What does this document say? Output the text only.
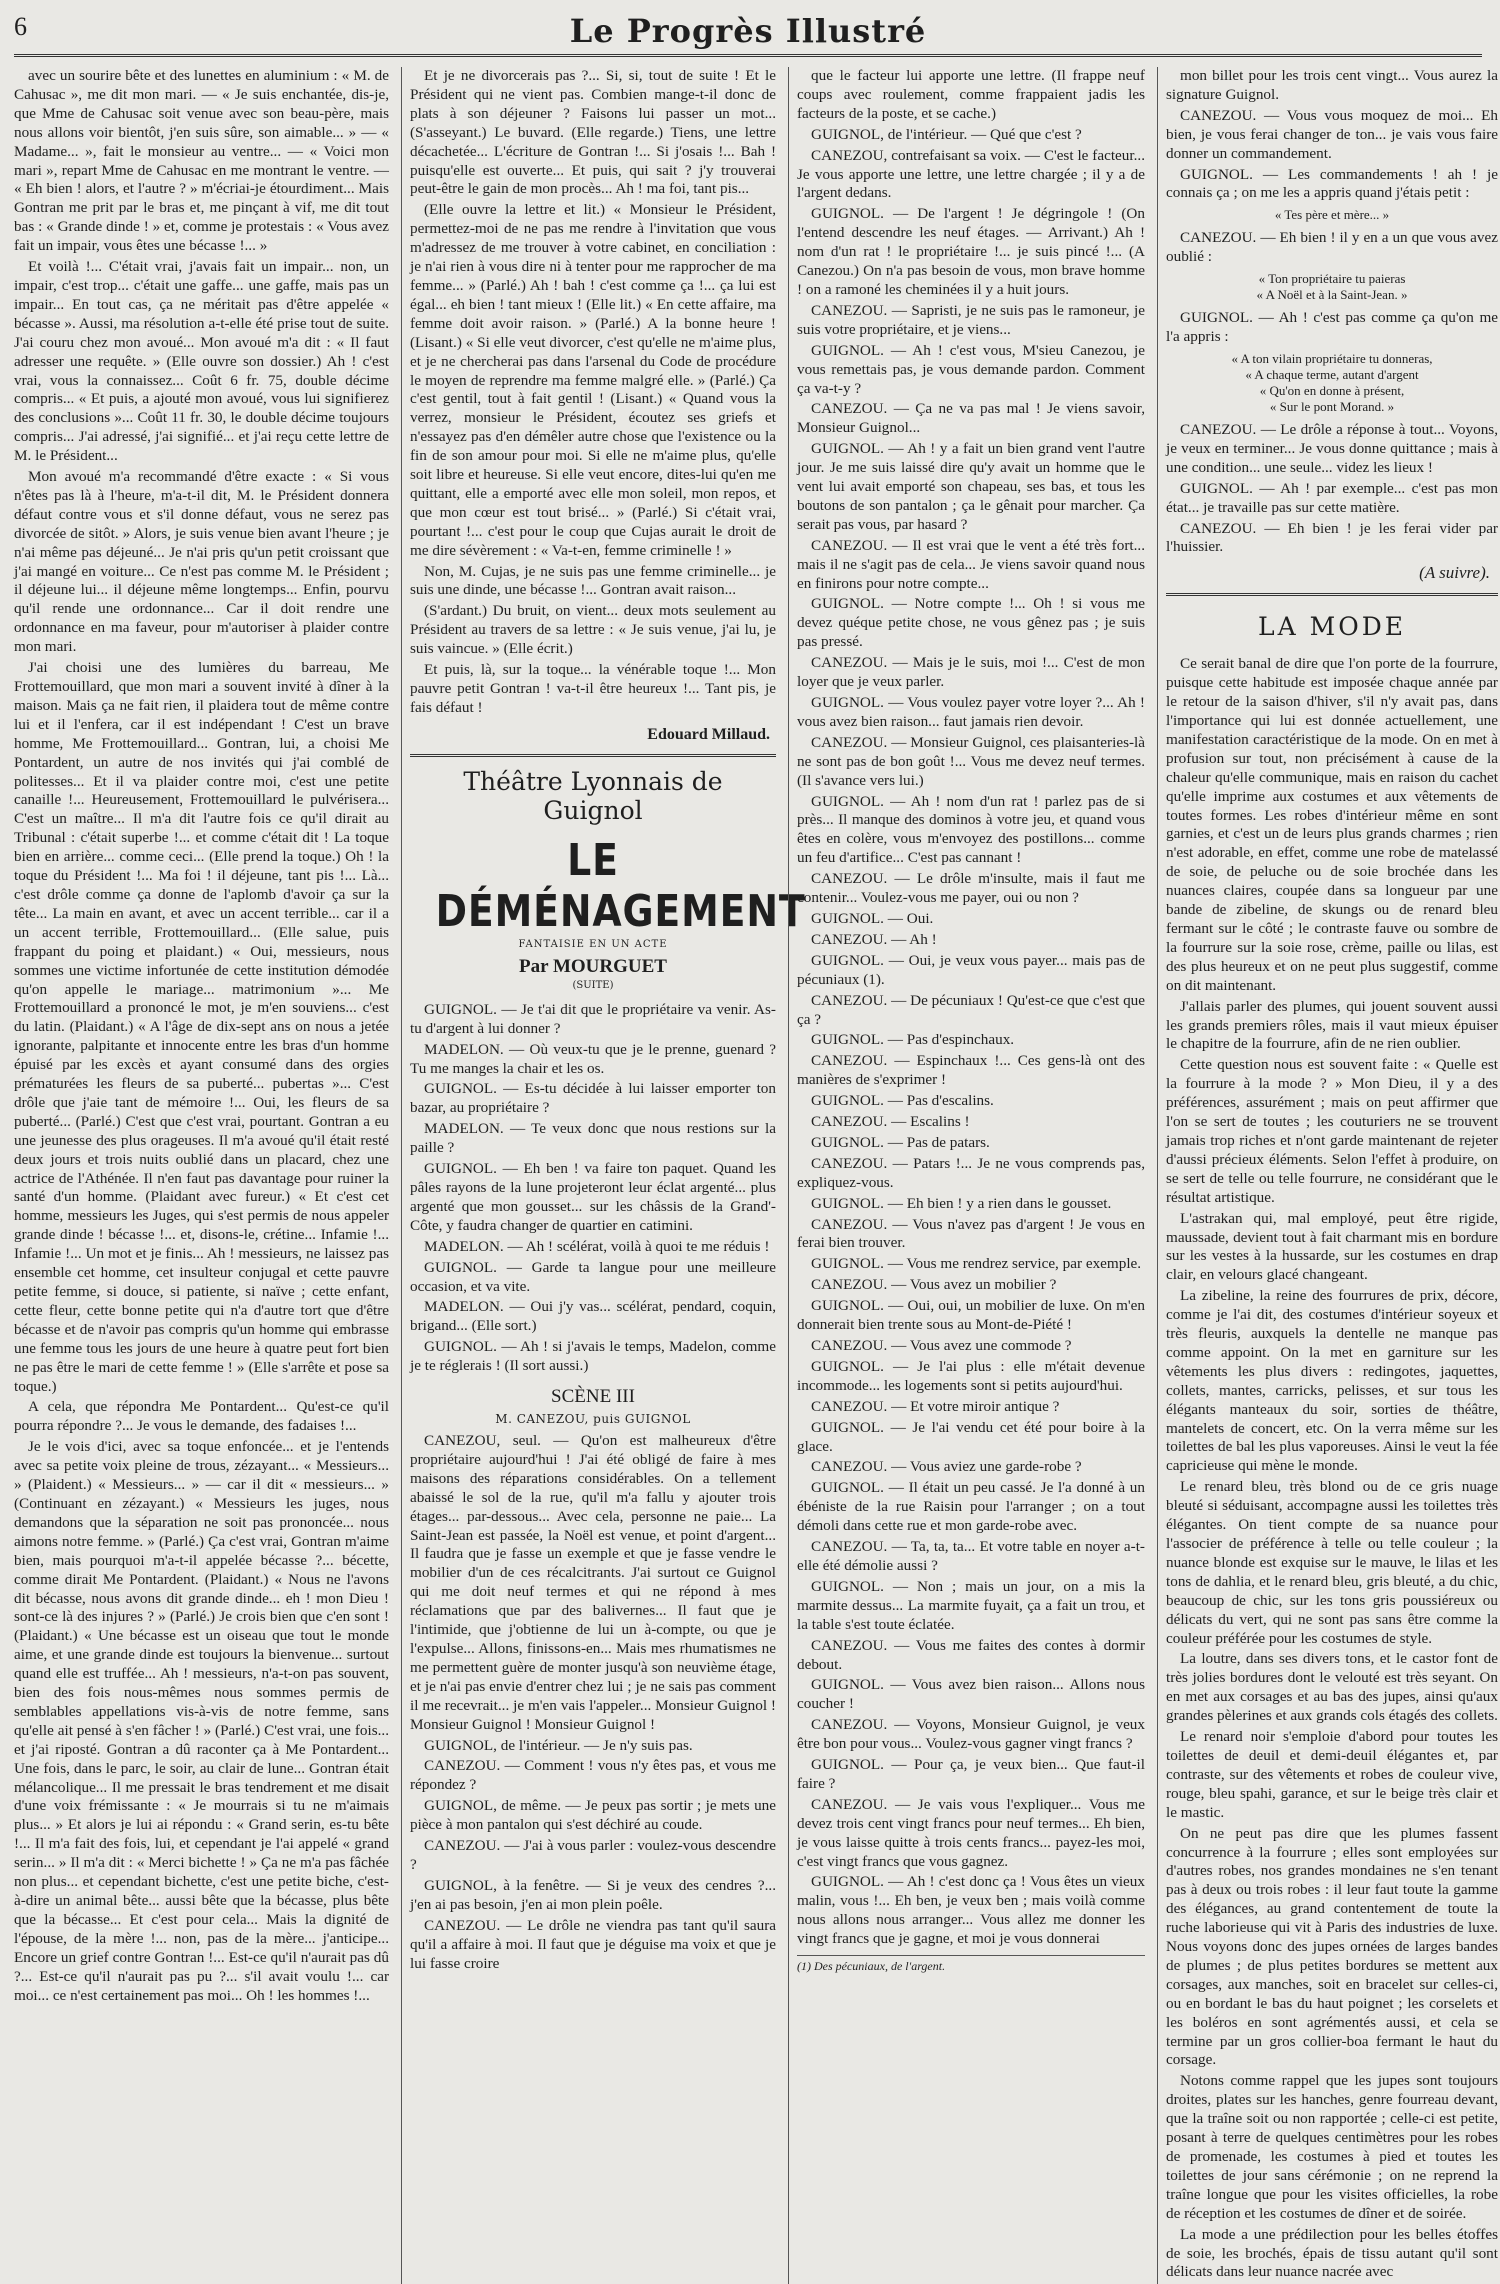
6	Le Progrès Illustré

avec un sourire bête et des lunettes en aluminium : « M. de Cahusac », me dit mon mari. — « Je suis enchantée, dis-je, que Mme de Cahusac soit venue avec son beau-père, mais nous allons voir bientôt, j'en suis sûre, son aimable... » — « Madame... », fait le monsieur au ventre... — « Voici mon mari », repart Mme de Cahusac en me montrant le ventre. — « Eh bien ! alors, et l'autre ? » m'écriai-je étourdiment... Mais Gontran me prit par le bras et, me pinçant à vif, me dit tout bas : « Grande dinde ! » et, comme je protestais : « Vous avez fait un impair, vous êtes une bécasse !... »

Et voilà !... C'était vrai, j'avais fait un impair... non, un impair, c'est trop... c'était une gaffe... une gaffe, mais pas un impair... En tout cas, ça ne méritait pas d'être appelée « bécasse ». Aussi, ma résolution a-t-elle été prise tout de suite. J'ai couru chez mon avoué... Mon avoué m'a dit : « Il faut adresser une requête. » (Elle ouvre son dossier.) Ah ! c'est vrai, vous la connaissez... Coût 6 fr. 75, double décime compris... « Et puis, a ajouté mon avoué, vous lui signifierez des conclusions »... Coût 11 fr. 30, le double décime toujours compris... J'ai adressé, j'ai signifié... et j'ai reçu cette lettre de M. le Président...

Mon avoué m'a recommandé d'être exacte : « Si vous n'êtes pas là à l'heure, m'a-t-il dit, M. le Président donnera défaut contre vous et s'il donne défaut, vous ne serez pas divorcée de sitôt. » Alors, je suis venue bien avant l'heure ; je n'ai même pas déjeuné... Je n'ai pris qu'un petit croissant que j'ai mangé en voiture... Ce n'est pas comme M. le Président ; il déjeune lui... il déjeune même longtemps... Enfin, pourvu qu'il rende une ordonnance... Car il doit rendre une ordonnance en ma faveur, pour m'autoriser à plaider contre mon mari.

J'ai choisi une des lumières du barreau, Me Frottemouillard, que mon mari a souvent invité à dîner à la maison. Mais ça ne fait rien, il plaidera tout de même contre lui et il l'enfera, car il est indépendant ! C'est un brave homme, Me Frottemouillard... Gontran, lui, a choisi Me Pontardent, un autre de nos invités qui j'ai comblé de politesses... Et il va plaider contre moi, c'est une petite canaille !... Heureusement, Frottemouillard le pulvérisera... C'est un maître... Il m'a dit l'autre fois ce qu'il dirait au Tribunal : c'était superbe !... et comme c'était dit ! La toque bien en arrière... comme ceci... (Elle prend la toque.) Oh ! la toque du Président !... Ma foi ! il déjeune, tant pis !... Là... c'est drôle comme ça donne de l'aplomb d'avoir ça sur la tête... La main en avant, et avec un accent terrible... car il a un accent terrible, Frottemouillard... (Elle salue, puis frappant du poing et plaidant.) « Oui, messieurs, nous sommes une victime infortunée de cette institution démodée qu'on appelle le mariage... matrimonium »... Me Frottemouillard a prononcé le mot, je m'en souviens... c'est du latin. (Plaidant.) « A l'âge de dix-sept ans on nous a jetée ignorante, palpitante et innocente entre les bras d'un homme épuisé par les excès et ayant consumé dans des orgies prématurées les fleurs de sa puberté... pubertas »... C'est drôle que j'aie tant de mémoire !... Oui, les fleurs de sa puberté... (Parlé.) C'est que c'est vrai, pourtant. Gontran a eu une jeunesse des plus orageuses. Il m'a avoué qu'il était resté deux jours et trois nuits oublié dans un placard, chez une actrice de l'Athénée. Il n'en faut pas davantage pour ruiner la santé d'un homme. (Plaidant avec fureur.) « Et c'est cet homme, messieurs les Juges, qui s'est permis de nous appeler grande dinde ! bécasse !... et, disons-le, crétine... Infamie !... Infamie !... Un mot et je finis... Ah ! messieurs, ne laissez pas ensemble cet homme, cet insulteur conjugal et cette pauvre petite femme, si douce, si patiente, si naïve ; cette enfant, cette fleur, cette bonne petite qui n'a d'autre tort que d'être bécasse et de n'avoir pas compris qu'un homme qui embrasse une femme tous les jours de une heure à quatre peut fort bien ne pas être le mari de cette femme ! » (Elle s'arrête et pose sa toque.)

A cela, que répondra Me Pontardent... Qu'est-ce qu'il pourra répondre ?... Je vous le demande, des fadaises !...

Je le vois d'ici, avec sa toque enfoncée... et je l'entends avec sa petite voix pleine de trous, zézayant... « Messieurs... » (Plaident.) « Messieurs... » — car il dit « messieurs... » (Continuant en zézayant.) « Messieurs les juges, nous demandons que la séparation ne soit pas prononcée... nous aimons notre femme. » (Parlé.) Ça c'est vrai, Gontran m'aime bien, mais pourquoi m'a-t-il appelée bécasse ?... bécette, comme dirait Me Pontardent. (Plaidant.) « Nous ne l'avons dit bécasse, nous avons dit grande dinde... eh ! mon Dieu ! sont-ce là des injures ? » (Parlé.) Je crois bien que c'en sont ! (Plaidant.) « Une bécasse est un oiseau que tout le monde aime, et une grande dinde est toujours la bienvenue... surtout quand elle est truffée... Ah ! messieurs, n'a-t-on pas souvent, bien des fois nous-mêmes nous sommes permis de semblables appellations vis-à-vis de notre femme, sans qu'elle ait pensé à s'en fâcher ! » (Parlé.) C'est vrai, une fois... et j'ai riposté. Gontran a dû raconter ça à Me Pontardent... Une fois, dans le parc, le soir, au clair de lune... Gontran était mélancolique... Il me pressait le bras tendrement et me disait d'une voix frémissante : « Je mourrais si tu ne m'aimais plus... » Et alors je lui ai répondu : « Grand serin, es-tu bête !... Il m'a fait des fois, lui, et cependant je l'ai appelé « grand serin... » Il m'a dit : « Merci bichette ! » Ça ne m'a pas fâchée non plus... et cependant bichette, c'est une petite biche, c'est-à-dire un animal bête... aussi bête que la bécasse, plus bête que la bécasse... Et c'est pour cela... Mais la dignité de l'épouse, de la mère !... non, pas de la mère... j'anticipe... Encore un grief contre Gontran !... Est-ce qu'il n'aurait pas dû ?... Est-ce qu'il n'aurait pas pu ?... s'il avait voulu !... car moi... ce n'est certainement pas moi... Oh ! les hommes !...

Et je ne divorcerais pas ?... Si, si, tout de suite ! Et le Président qui ne vient pas. Combien mange-t-il donc de plats à son déjeuner ? Faisons lui passer un mot... (S'asseyant.) Le buvard. (Elle regarde.) Tiens, une lettre décachetée... L'écriture de Gontran !... Si j'osais !... Bah ! puisqu'elle est ouverte... Et puis, qui sait ? j'y trouverai peut-être le gain de mon procès... Ah ! ma foi, tant pis...

(Elle ouvre la lettre et lit.) « Monsieur le Président, permettez-moi de ne pas me rendre à l'invitation que vous m'adressez de me trouver à votre cabinet, en conciliation : je n'ai rien à vous dire ni à tenter pour me rapprocher de ma femme... » (Parlé.) Ah ! bah ! c'est comme ça !... ça lui est égal... eh bien ! tant mieux ! (Elle lit.) « En cette affaire, ma femme doit avoir raison. » (Parlé.) A la bonne heure ! (Lisant.) « Si elle veut divorcer, c'est qu'elle ne m'aime plus, et je ne chercherai pas dans l'arsenal du Code de procédure le moyen de reprendre ma femme malgré elle. » (Parlé.) Ça c'est gentil, tout à fait gentil ! (Lisant.) « Quand vous la verrez, monsieur le Président, écoutez ses griefs et n'essayez pas d'en démêler autre chose que l'existence ou la fin de son amour pour moi. Si elle ne m'aime plus, qu'elle soit libre et heureuse. Si elle veut encore, dites-lui qu'en me quittant, elle a emporté avec elle mon soleil, mon repos, et que mon cœur est tout brisé... » (Parlé.) Si c'était vrai, pourtant !... c'est pour le coup que Cujas aurait le droit de me dire sévèrement : « Va-t-en, femme criminelle ! »

Non, M. Cujas, je ne suis pas une femme criminelle... je suis une dinde, une bécasse !... Gontran avait raison...

(S'ardant.) Du bruit, on vient... deux mots seulement au Président au travers de sa lettre : « Je suis venue, j'ai lu, je suis vaincue. » (Elle écrit.)

Et puis, là, sur la toque... la vénérable toque !... Mon pauvre petit Gontran ! va-t-il être heureux !... Tant pis, je fais défaut !

Edouard Millaud.
Théâtre Lyonnais de Guignol
LE DÉMÉNAGEMENT
FANTAISIE EN UN ACTE
Par MOURGUET
(SUITE)

GUIGNOL. — Je t'ai dit que le propriétaire va venir. As-tu d'argent à lui donner ?

MADELON. — Où veux-tu que je le prenne, guenard ? Tu me manges la chair et les os.

GUIGNOL. — Es-tu décidée à lui laisser emporter ton bazar, au propriétaire ?

MADELON. — Te veux donc que nous restions sur la paille ?

GUIGNOL. — Eh ben ! va faire ton paquet. Quand les pâles rayons de la lune projeteront leur éclat argenté... plus argenté que mon gousset... sur les châssis de la Grand'-Côte, y faudra changer de quartier en catimini.

MADELON. — Ah ! scélérat, voilà à quoi te me réduis !

GUIGNOL. — Garde ta langue pour une meilleure occasion, et va vite.

MADELON. — Oui j'y vas... scélérat, pendard, coquin, brigand... (Elle sort.)

GUIGNOL. — Ah ! si j'avais le temps, Madelon, comme je te réglerais ! (Il sort aussi.)

SCÈNE III
M. CANEZOU, puis GUIGNOL

CANEZOU, seul. — Qu'on est malheureux d'être propriétaire aujourd'hui ! J'ai été obligé de faire à mes maisons des réparations considérables. On a tellement abaissé le sol de la rue, qu'il m'a fallu y ajouter trois étages... par-dessous... Avec cela, personne ne paie... La Saint-Jean est passée, la Noël est venue, et point d'argent... Il faudra que je fasse un exemple et que je fasse vendre le mobilier d'un de ces récalcitrants. J'ai surtout ce Guignol qui me doit neuf termes et qui ne répond à mes réclamations que par des balivernes... Il faut que je l'intimide, que j'obtienne de lui un à-compte, ou que je l'expulse... Allons, finissons-en... Mais mes rhumatismes ne me permettent guère de monter jusqu'à son neuvième étage, et je n'ai pas envie d'entrer chez lui ; je ne sais pas comment il me recevrait... je m'en vais l'appeler... Monsieur Guignol ! Monsieur Guignol ! Monsieur Guignol !

GUIGNOL, de l'intérieur. — Je n'y suis pas.

CANEZOU. — Comment ! vous n'y êtes pas, et vous me répondez ?

GUIGNOL, de même. — Je peux pas sortir ; je mets une pièce à mon pantalon qui s'est déchiré au coude.

CANEZOU. — J'ai à vous parler : voulez-vous descendre ?

GUIGNOL, à la fenêtre. — Si je veux des cendres ?... j'en ai pas besoin, j'en ai mon plein poêle.

CANEZOU. — Le drôle ne viendra pas tant qu'il saura qu'il a affaire à moi. Il faut que je déguise ma voix et que je lui fasse croire

que le facteur lui apporte une lettre. (Il frappe neuf coups avec roulement, comme frappaient jadis les facteurs de la poste, et se cache.)

GUIGNOL, de l'intérieur. — Qué que c'est ?

CANEZOU, contrefaisant sa voix. — C'est le facteur... Je vous apporte une lettre, une lettre chargée ; il y a de l'argent dedans.

GUIGNOL. — De l'argent ! Je dégringole ! (On l'entend descendre les neuf étages. — Arrivant.) Ah ! nom d'un rat ! le propriétaire !... je suis pincé !... (A Canezou.) On n'a pas besoin de vous, mon brave homme ! on a ramoné les cheminées il y a huit jours.

CANEZOU. — Sapristi, je ne suis pas le ramoneur, je suis votre propriétaire, et je viens...

GUIGNOL. — Ah ! c'est vous, M'sieu Canezou, je vous remettais pas, je vous demande pardon. Comment ça va-t-y ?

CANEZOU. — Ça ne va pas mal ! Je viens savoir, Monsieur Guignol...

GUIGNOL. — Ah ! y a fait un bien grand vent l'autre jour. Je me suis laissé dire qu'y avait un homme que le vent lui avait emporté son chapeau, ses bas, et tous les boutons de son pantalon ; ça le gênait pour marcher. Ça serait pas vous, par hasard ?

CANEZOU. — Il est vrai que le vent a été très fort... mais il ne s'agit pas de cela... Je viens savoir quand nous en finirons pour notre compte...

GUIGNOL. — Notre compte !... Oh ! si vous me devez quéque petite chose, ne vous gênez pas ; je suis pas pressé.

CANEZOU. — Mais je le suis, moi !... C'est de mon loyer que je veux parler.

GUIGNOL. — Vous voulez payer votre loyer ?... Ah ! vous avez bien raison... faut jamais rien devoir.

CANEZOU. — Monsieur Guignol, ces plaisanteries-là ne sont pas de bon goût !... Vous me devez neuf termes. (Il s'avance vers lui.)

GUIGNOL. — Ah ! nom d'un rat ! parlez pas de si près... Il manque des dominos à votre jeu, et quand vous êtes en colère, vous m'envoyez des postillons... comme un feu d'artifice... C'est pas cannant !

CANEZOU. — Le drôle m'insulte, mais il faut me contenir... Voulez-vous me payer, oui ou non ?

GUIGNOL. — Oui.

CANEZOU. — Ah !

GUIGNOL. — Oui, je veux vous payer... mais pas de pécuniaux (1).

CANEZOU. — De pécuniaux ! Qu'est-ce que c'est que ça ?

GUIGNOL. — Pas d'espinchaux.

CANEZOU. — Espinchaux !... Ces gens-là ont des manières de s'exprimer !

GUIGNOL. — Pas d'escalins.

CANEZOU. — Escalins !

GUIGNOL. — Pas de patars.

CANEZOU. — Patars !... Je ne vous comprends pas, expliquez-vous.

GUIGNOL. — Eh bien ! y a rien dans le gousset.

CANEZOU. — Vous n'avez pas d'argent ! Je vous en ferai bien trouver.

GUIGNOL. — Vous me rendrez service, par exemple.

CANEZOU. — Vous avez un mobilier ?

GUIGNOL. — Oui, oui, un mobilier de luxe. On m'en donnerait bien trente sous au Mont-de-Piété !

CANEZOU. — Vous avez une commode ?

GUIGNOL. — Je l'ai plus : elle m'était devenue incommode... les logements sont si petits aujourd'hui.

CANEZOU. — Et votre miroir antique ?

GUIGNOL. — Je l'ai vendu cet été pour boire à la glace.

CANEZOU. — Vous aviez une garde-robe ?

GUIGNOL. — Il était un peu cassé. Je l'a donné à un ébéniste de la rue Raisin pour l'arranger ; on a tout démoli dans cette rue et mon garde-robe avec.

CANEZOU. — Ta, ta, ta... Et votre table en noyer a-t-elle été démolie aussi ?

GUIGNOL. — Non ; mais un jour, on a mis la marmite dessus... La marmite fuyait, ça a fait un trou, et la table s'est toute éclatée.

CANEZOU. — Vous me faites des contes à dormir debout.

GUIGNOL. — Vous avez bien raison... Allons nous coucher !

CANEZOU. — Voyons, Monsieur Guignol, je veux être bon pour vous... Voulez-vous gagner vingt francs ?

GUIGNOL. — Pour ça, je veux bien... Que faut-il faire ?

CANEZOU. — Je vais vous l'expliquer... Vous me devez trois cent vingt francs pour neuf termes... Eh bien, je vous laisse quitte à trois cents francs... payez-les moi, c'est vingt francs que vous gagnez.

GUIGNOL. — Ah ! c'est donc ça ! Vous êtes un vieux malin, vous !... Eh ben, je veux ben ; mais voilà comme nous allons nous arranger... Vous allez me donner les vingt francs que je gagne, et moi je vous donnerai

(1) Des pécuniaux, de l'argent.

mon billet pour les trois cent vingt... Vous aurez la signature Guignol.

CANEZOU. — Vous vous moquez de moi... Eh bien, je vous ferai changer de ton... je vais vous faire donner un commandement.

GUIGNOL. — Les commandements ! ah ! je connais ça ; on me les a appris quand j'étais petit :

« Tes père et mère... »

CANEZOU. — Eh bien ! il y en a un que vous avez oublié :

« Ton propriétaire tu paieras
« A Noël et à la Saint-Jean. »

GUIGNOL. — Ah ! c'est pas comme ça qu'on me l'a appris :

« A ton vilain propriétaire tu donneras,
« A chaque terme, autant d'argent
« Qu'on en donne à présent,
« Sur le pont Morand. »

CANEZOU. — Le drôle a réponse à tout... Voyons, je veux en terminer... Je vous donne quittance ; mais à une condition... une seule... videz les lieux !

GUIGNOL. — Ah ! par exemple... c'est pas mon état... je travaille pas sur cette matière.

CANEZOU. — Eh bien ! je les ferai vider par l'huissier.

(A suivre).
LA MODE

Ce serait banal de dire que l'on porte de la fourrure, puisque cette habitude est imposée chaque année par le retour de la saison d'hiver, s'il n'y avait pas, dans l'importance qui lui est donnée actuellement, une manifestation caractéristique de la mode. On en met à profusion sur tout, non précisément à cause de la chaleur qu'elle communique, mais en raison du cachet qu'elle imprime aux costumes et aux vêtements de toutes formes. Les robes d'intérieur même en sont garnies, et c'est un de leurs plus grands charmes ; rien n'est adorable, en effet, comme une robe de matelassé de soie, de peluche ou de soie brochée dans les nuances claires, coupée dans sa longueur par une bande de zibeline, de skungs ou de renard bleu fermant sur le côté ; le contraste fauve ou sombre de la fourrure sur la soie rose, crème, paille ou lilas, est des plus heureux et on ne peut plus suggestif, comme on dit maintenant.

J'allais parler des plumes, qui jouent souvent aussi les grands premiers rôles, mais il vaut mieux épuiser le chapitre de la fourrure, afin de ne rien oublier.

Cette question nous est souvent faite : « Quelle est la fourrure à la mode ? » Mon Dieu, il y a des préférences, assurément ; mais on peut affirmer que l'on se sert de toutes ; les couturiers ne se trouvent jamais trop riches et n'ont garde maintenant de rejeter d'aussi précieux éléments. Selon l'effet à produire, on se sert de telle ou telle fourrure, ne considérant que le résultat artistique.

L'astrakan qui, mal employé, peut être rigide, maussade, devient tout à fait charmant mis en bordure sur les vestes à la hussarde, sur les costumes en drap clair, en velours glacé changeant.

La zibeline, la reine des fourrures de prix, décore, comme je l'ai dit, des costumes d'intérieur soyeux et très fleuris, auxquels la dentelle ne manque pas comme appoint. On la met en garniture sur les vêtements les plus divers : redingotes, jaquettes, collets, mantes, carricks, pelisses, et sur tous les élégants manteaux du soir, sorties de théâtre, mantelets de concert, etc. On la verra même sur les toilettes de bal les plus vaporeuses. Ainsi le veut la fée capricieuse qui mène le monde.

Le renard bleu, très blond ou de ce gris nuage bleuté si séduisant, accompagne aussi les toilettes très élégantes. On tient compte de sa nuance pour l'associer de préférence à telle ou telle couleur ; la nuance blonde est exquise sur le mauve, le lilas et les tons de dahlia, et le renard bleu, gris bleuté, a du chic, beaucoup de chic, sur les tons gris poussiéreux ou délicats du vert, qui ne sont pas sans être comme la couleur préférée pour les costumes de style.

La loutre, dans ses divers tons, et le castor font de très jolies bordures dont le velouté est très seyant. On en met aux corsages et au bas des jupes, ainsi qu'aux grandes pèlerines et aux grands cols étagés des collets.

Le renard noir s'emploie d'abord pour toutes les toilettes de deuil et demi-deuil élégantes et, par contraste, sur des vêtements et robes de couleur vive, rouge, bleu spahi, garance, et sur le beige très clair et le mastic.

On ne peut pas dire que les plumes fassent concurrence à la fourrure ; elles sont employées sur d'autres robes, nos grandes mondaines ne s'en tenant pas à deux ou trois robes : il leur faut toute la gamme des élégances, au grand contentement de toute la ruche laborieuse qui vit à Paris des industries de luxe. Nous voyons donc des jupes ornées de larges bandes de plumes ; de plus petites bordures se mettent aux corsages, aux manches, soit en bracelet sur celles-ci, ou en bordant le bas du haut poignet ; les corselets et les boléros en sont agrémentés aussi, et cela se termine par un gros collier-boa fermant le haut du corsage.

Notons comme rappel que les jupes sont toujours droites, plates sur les hanches, genre fourreau devant, que la traîne soit ou non rapportée ; celle-ci est petite, posant à terre de quelques centimètres pour les robes de promenade, les costumes à pied et toutes les toilettes de jour sans cérémonie ; on ne reprend la traîne longue que pour les visites officielles, la robe de réception et les costumes de dîner et de soirée.

La mode a une prédilection pour les belles étoffes de soie, les brochés, épais de tissu autant qu'il sont délicats dans leur nuance nacrée avec
